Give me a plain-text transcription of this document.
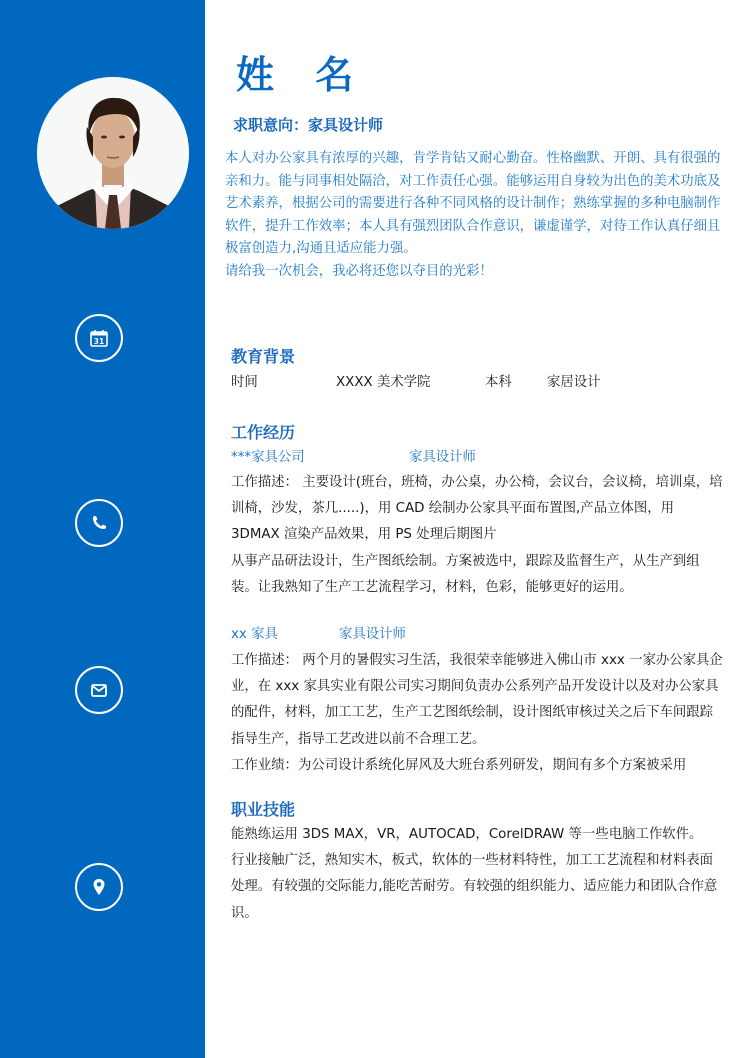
31
姓 名
求职意向：家具设计师

本人对办公家具有浓厚的兴趣，肯学肯钻又耐心勤奋。性格幽默、开朗、具有很强的亲和力。能与同事相处隔洽，对工作责任心强。能够运用自身较为出色的美术功底及艺术素养，根据公司的需要进行各种不同风格的设计制作；熟练掌握的多种电脑制作软件，提升工作效率；本人具有强烈团队合作意识，谦虚谨学，对待工作认真仔细且极富创造力,沟通且适应能力强。

请给我一次机会，我必将还您以夺目的光彩！

教育背景
时间	XXXX 美术学院	本科	家居设计
工作经历
***家具公司	家具设计师

工作描述： 主要设计(班台，班椅，办公桌，办公椅，会议台，会议椅，培训桌，培训椅，沙发，茶几.....)，用 CAD 绘制办公家具平面布置图,产品立体图，用 3DMAX 渲染产品效果，用 PS 处理后期图片

从事产品研法设计，生产图纸绘制。方案被选中，跟踪及监督生产，从生产到组装。让我熟知了生产工艺流程学习，材料，色彩，能够更好的运用。

xx 家具	家具设计师

工作描述： 两个月的暑假实习生活，我很荣幸能够进入佛山市 xxx 一家办公家具企业，在 xxx 家具实业有限公司实习期间负责办公系列产品开发设计以及对办公家具的配件，材料，加工工艺，生产工艺图纸绘制，设计图纸审核过关之后下车间跟踪指导生产，指导工艺改进以前不合理工艺。

工作业绩：为公司设计系统化屏风及大班台系列研发，期间有多个方案被采用

职业技能

能熟练运用 3DS MAX，VR，AUTOCAD，CorelDRAW 等一些电脑工作软件。

行业接触广泛，熟知实木，板式，软体的一些材料特性，加工工艺流程和材料表面处理。有较强的交际能力,能吃苦耐劳。有较强的组织能力、适应能力和团队合作意识。
